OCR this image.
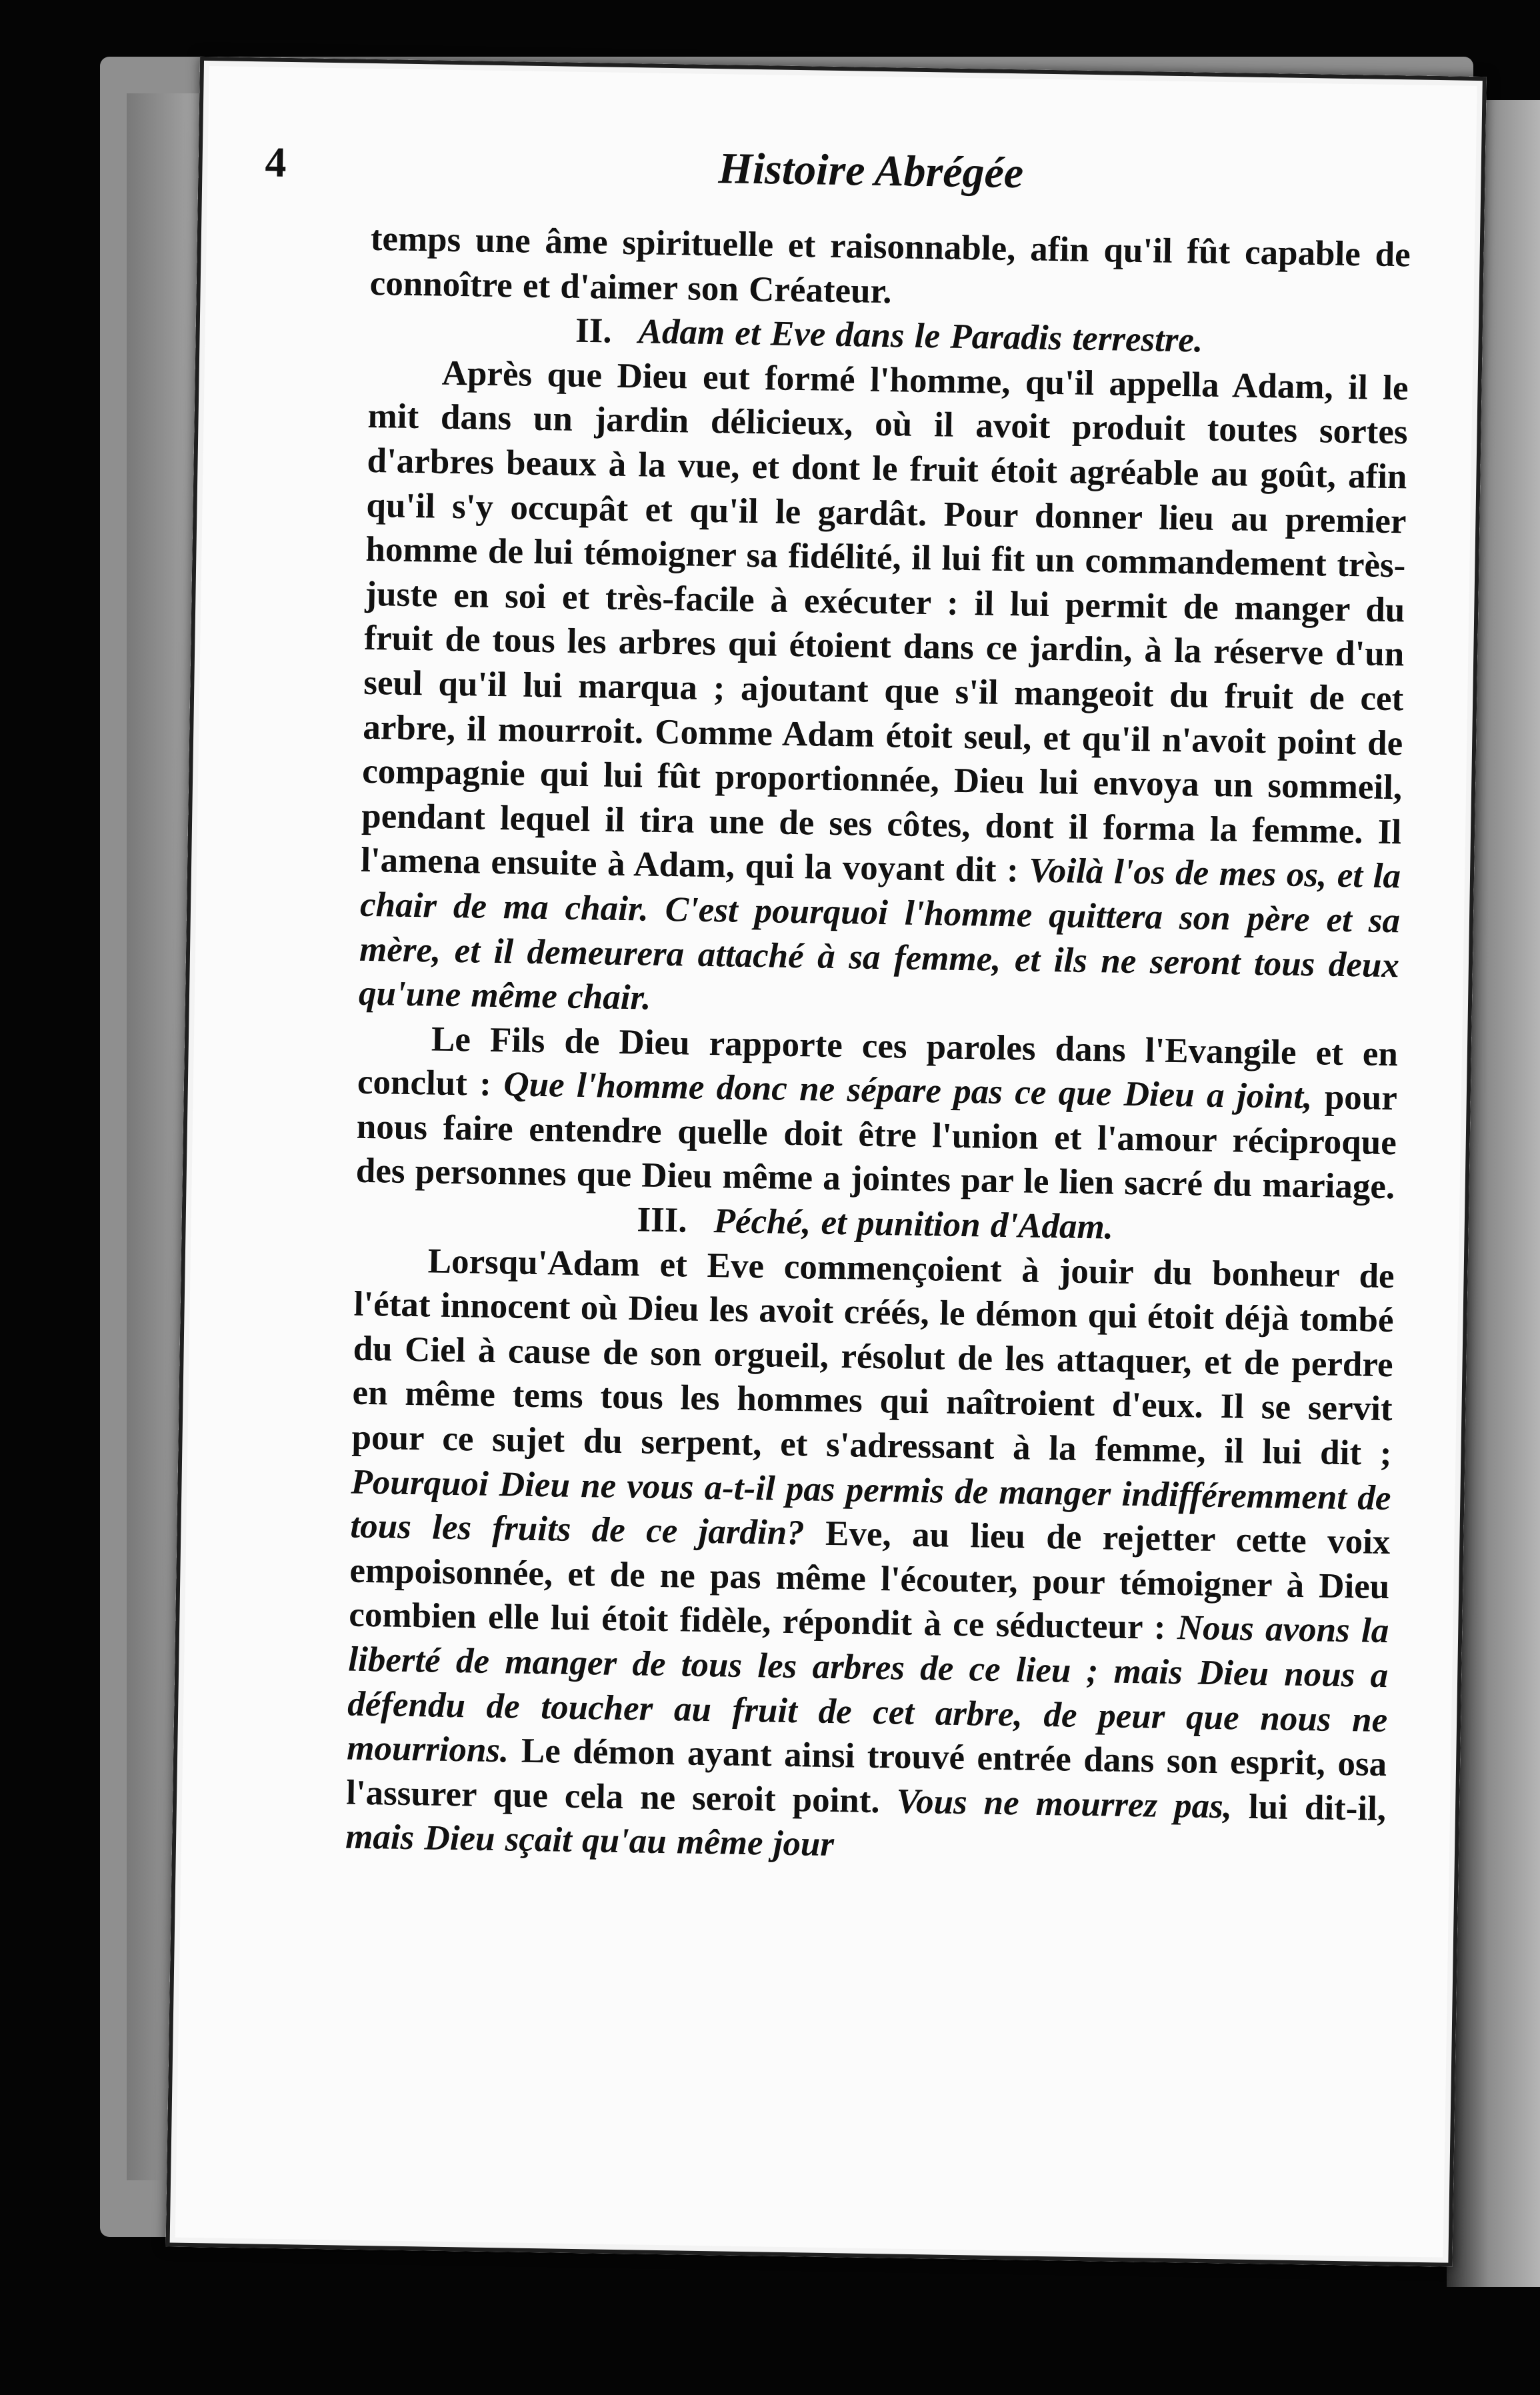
4	Histoire Abrégée

temps une âme spirituelle et raisonnable, afin qu'il fût capable de connoître et d'aimer son Créateur.

II. Adam et Eve dans le Paradis terrestre.

Après que Dieu eut formé l'homme, qu'il appella Adam, il le mit dans un jardin délicieux, où il avoit produit toutes sortes d'arbres beaux à la vue, et dont le fruit étoit agréable au goût, afin qu'il s'y occupât et qu'il le gardât. Pour donner lieu au premier homme de lui témoigner sa fidélité, il lui fit un commandement très-juste en soi et très-facile à exécuter : il lui permit de manger du fruit de tous les arbres qui étoient dans ce jardin, à la réserve d'un seul qu'il lui marqua ; ajoutant que s'il mangeoit du fruit de cet arbre, il mourroit. Comme Adam étoit seul, et qu'il n'avoit point de compagnie qui lui fût proportionnée, Dieu lui envoya un sommeil, pendant lequel il tira une de ses côtes, dont il forma la femme. Il l'amena ensuite à Adam, qui la voyant dit : Voilà l'os de mes os, et la chair de ma chair. C'est pourquoi l'homme quittera son père et sa mère, et il demeurera attaché à sa femme, et ils ne seront tous deux qu'une même chair.

Le Fils de Dieu rapporte ces paroles dans l'Evangile et en conclut : Que l'homme donc ne sépare pas ce que Dieu a joint, pour nous faire entendre quelle doit être l'union et l'amour réciproque des personnes que Dieu même a jointes par le lien sacré du mariage.

III. Péché, et punition d'Adam.

Lorsqu'Adam et Eve commençoient à jouir du bonheur de l'état innocent où Dieu les avoit créés, le démon qui étoit déjà tombé du Ciel à cause de son orgueil, résolut de les attaquer, et de perdre en même tems tous les hommes qui naîtroient d'eux. Il se servit pour ce sujet du serpent, et s'adressant à la femme, il lui dit ; Pourquoi Dieu ne vous a-t-il pas permis de manger indifféremment de tous les fruits de ce jardin? Eve, au lieu de rejetter cette voix empoisonnée, et de ne pas même l'écouter, pour témoigner à Dieu combien elle lui étoit fidèle, répondit à ce séducteur : Nous avons la liberté de manger de tous les arbres de ce lieu ; mais Dieu nous a défendu de toucher au fruit de cet arbre, de peur que nous ne mourrions. Le démon ayant ainsi trouvé entrée dans son esprit, osa l'assurer que cela ne seroit point. Vous ne mourrez pas, lui dit-il, mais Dieu sçait qu'au même jour
